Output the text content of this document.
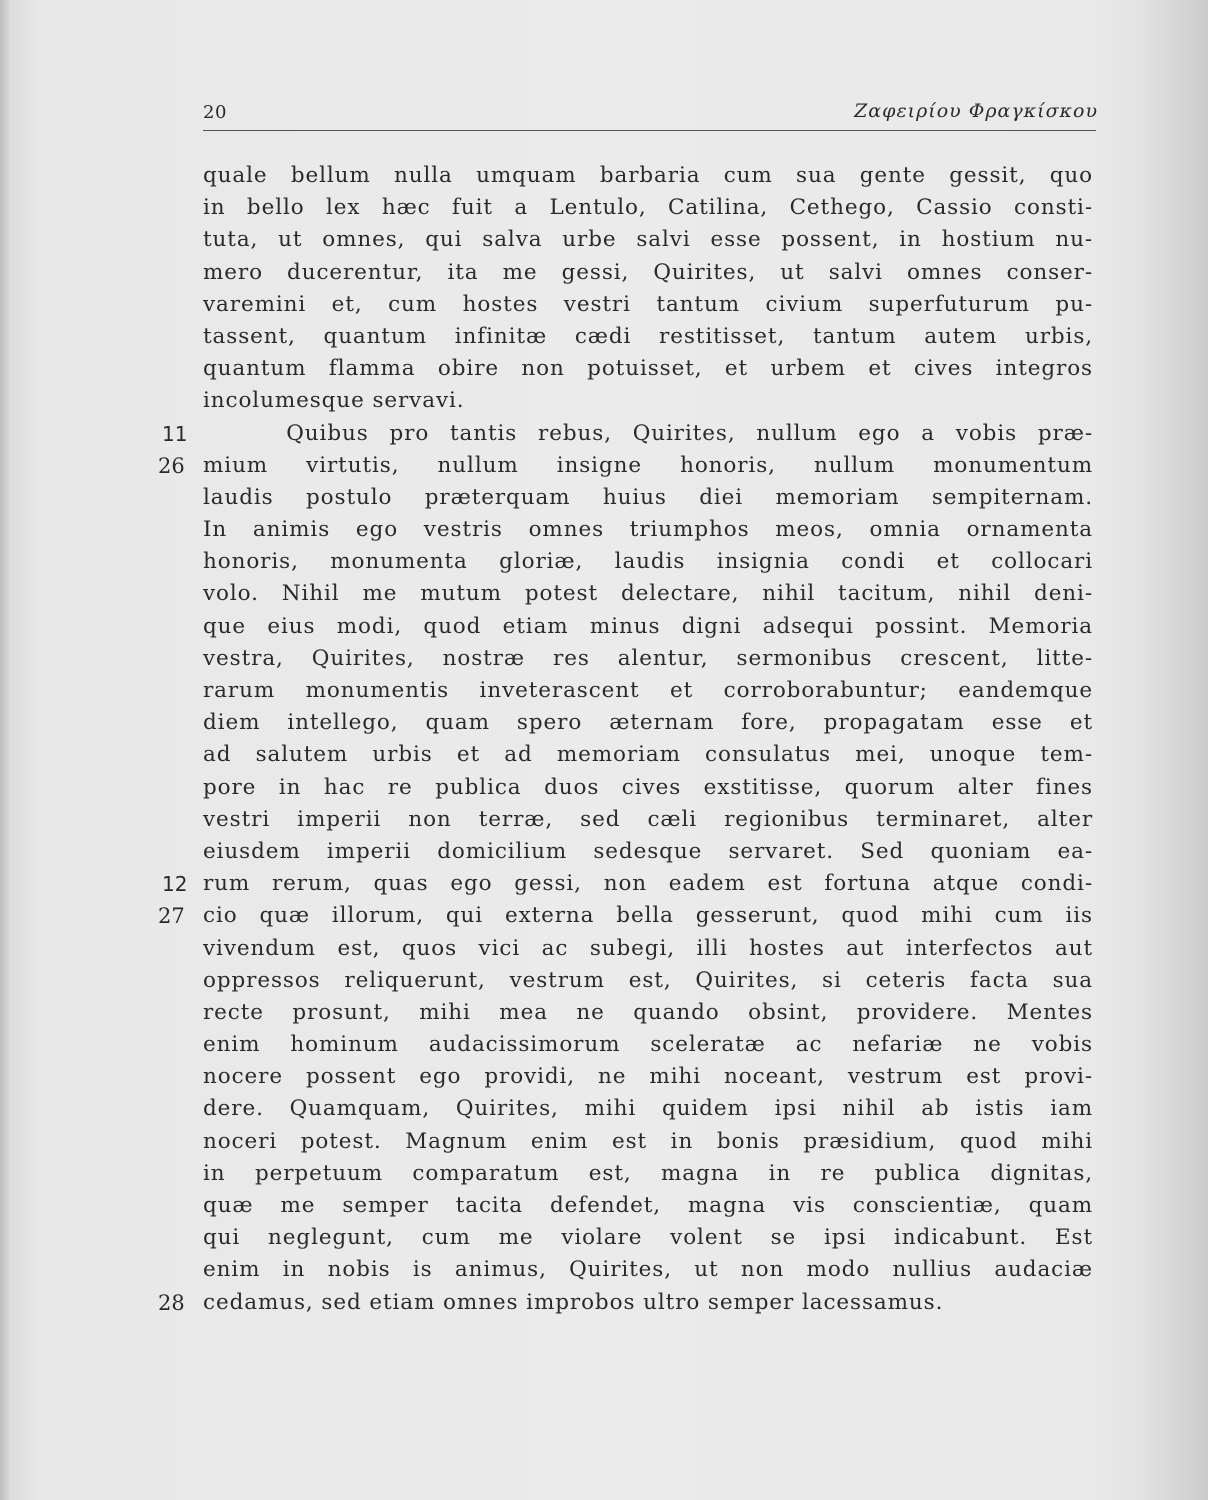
20	Ζαφειρίου Φραγκίσκου
quale bellum nulla umquam barbaria cum sua gente gessit, quo
in bello lex hæc fuit a Lentulo, Catilina, Cethego, Cassio consti-
tuta, ut omnes, qui salva urbe salvi esse possent, in hostium nu-
mero ducerentur, ita me gessi, Quirites, ut salvi omnes conser-
varemini et, cum hostes vestri tantum civium superfuturum pu-
tassent, quantum infinitæ cædi restitisset, tantum autem urbis,
quantum flamma obire non potuisset, et urbem et cives integros
incolumesque servavi.
11 Quibus pro tantis rebus, Quirites, nullum ego a vobis præ-
26 mium virtutis, nullum insigne honoris, nullum monumentum
laudis postulo præterquam huius diei memoriam sempiternam.
In animis ego vestris omnes triumphos meos, omnia ornamenta
honoris, monumenta gloriæ, laudis insignia condi et collocari
volo. Nihil me mutum potest delectare, nihil tacitum, nihil deni-
que eius modi, quod etiam minus digni adsequi possint. Memoria
vestra, Quirites, nostræ res alentur, sermonibus crescent, litte-
rarum monumentis inveterascent et corroborabuntur; eandemque
diem intellego, quam spero æternam fore, propagatam esse et
ad salutem urbis et ad memoriam consulatus mei, unoque tem-
pore in hac re publica duos cives exstitisse, quorum alter fines
vestri imperii non terræ, sed cæli regionibus terminaret, alter
eiusdem imperii domicilium sedesque servaret. Sed quoniam ea-
12 rum rerum, quas ego gessi, non eadem est fortuna atque condi-
27 cio quæ illorum, qui externa bella gesserunt, quod mihi cum iis
vivendum est, quos vici ac subegi, illi hostes aut interfectos aut
oppressos reliquerunt, vestrum est, Quirites, si ceteris facta sua
recte prosunt, mihi mea ne quando obsint, providere. Mentes
enim hominum audacissimorum sceleratæ ac nefariæ ne vobis
nocere possent ego providi, ne mihi noceant, vestrum est provi-
dere. Quamquam, Quirites, mihi quidem ipsi nihil ab istis iam
noceri potest. Magnum enim est in bonis præsidium, quod mihi
in perpetuum comparatum est, magna in re publica dignitas,
quæ me semper tacita defendet, magna vis conscientiæ, quam
qui neglegunt, cum me violare volent se ipsi indicabunt. Est
enim in nobis is animus, Quirites, ut non modo nullius audaciæ
28 cedamus, sed etiam omnes improbos ultro semper lacessamus.
